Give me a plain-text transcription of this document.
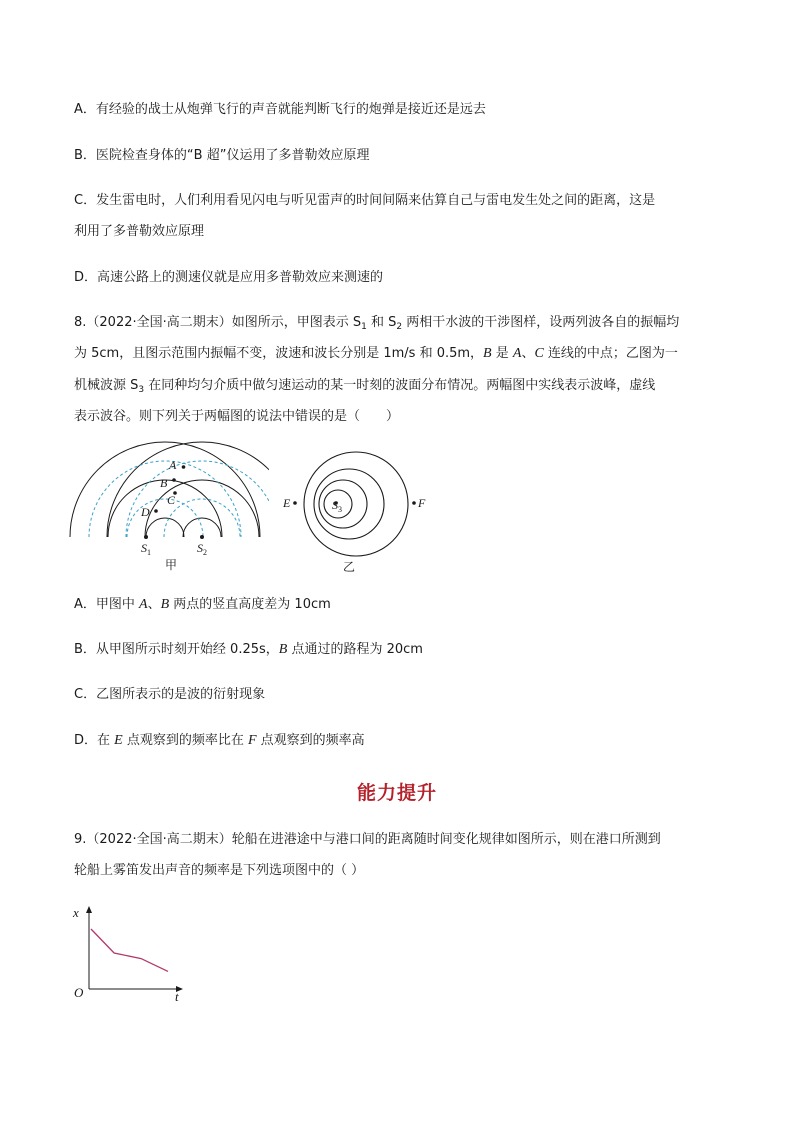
A．有经验的战士从炮弹飞行的声音就能判断飞行的炮弹是接近还是远去
B．医院检查身体的“B 超”仪运用了多普勒效应原理
C．发生雷电时，人们利用看见闪电与听见雷声的时间间隔来估算自己与雷电发生处之间的距离，这是
利用了多普勒效应原理
D．高速公路上的测速仪就是应用多普勒效应来测速的
8.（2022·全国·高二期末）如图所示，甲图表示 $S_1$ 和 $S_2$ 两相干水波的干涉图样，设两列波各自的振幅均
为 5cm，且图示范围内振幅不变，波速和波长分别是 1m/s 和 0.5m，B 是 A、C 连线的中点；乙图为一
机械波源 $S_3$ 在同种均匀介质中做匀速运动的某一时刻的波面分布情况。两幅图中实线表示波峰，虚线
表示波谷。则下列关于两幅图的说法中错误的是（　　）
A
B
C
D
$S_1$	$S_2$
甲
E	F
$S_3$
乙
A．甲图中 A、B 两点的竖直高度差为 10cm
B．从甲图所示时刻开始经 0.25s，B 点通过的路程为 20cm
C．乙图所表示的是波的衍射现象
D．在 E 点观察到的频率比在 F 点观察到的频率高
能力提升
9.（2022·全国·高二期末）轮船在进港途中与港口间的距离随时间变化规律如图所示，则在港口所测到
轮船上雾笛发出声音的频率是下列选项图中的（ ）
x
t
O
